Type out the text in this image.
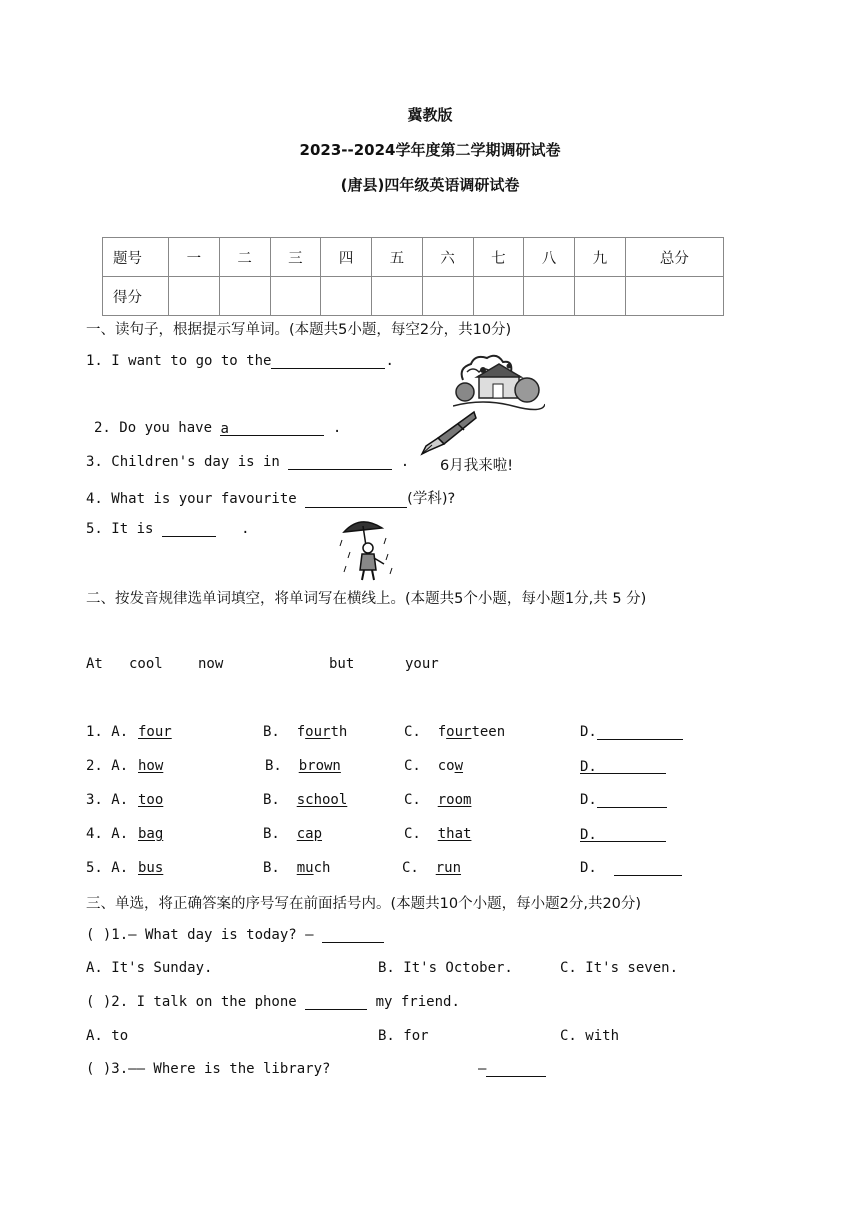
冀教版
2023--2024学年度第二学期调研试卷
(唐县)四年级英语调研试卷
题号	一	二	三	四	五	六	七	八	九	总分
得分										
一、读句子，根据提示写单词。(本题共5小题，每空2分，共10分)
1. I want to go to the	.
2. Do you have a	.
3. Children's day is in	. 6月我来啦!
4. What is your favourite	(学科)?
5. It is	.
二、按发音规律选单词填空，将单词写在横线上。(本题共5个小题，每小题1分,共 5 分)
At cool	now	but	your
1. A. four	B. fourth	C. fourteen	D.
2. A. how	B. brown	C. cow	D.
3. A. too	B. school	C. room	D.
4. A. bag	B. cap	C. that	D.
5. A. bus	B. much	C. run	D.
三、单选，将正确答案的序号写在前面括号内。(本题共10个小题，每小题2分,共20分)
( )1.— What day is today? —
A. It's Sunday.	B. It's October.	C. It's seven.
( )2. I talk on the phone	my friend.
A. to	B. for	C. with
( )3.—— Where is the library?	—
